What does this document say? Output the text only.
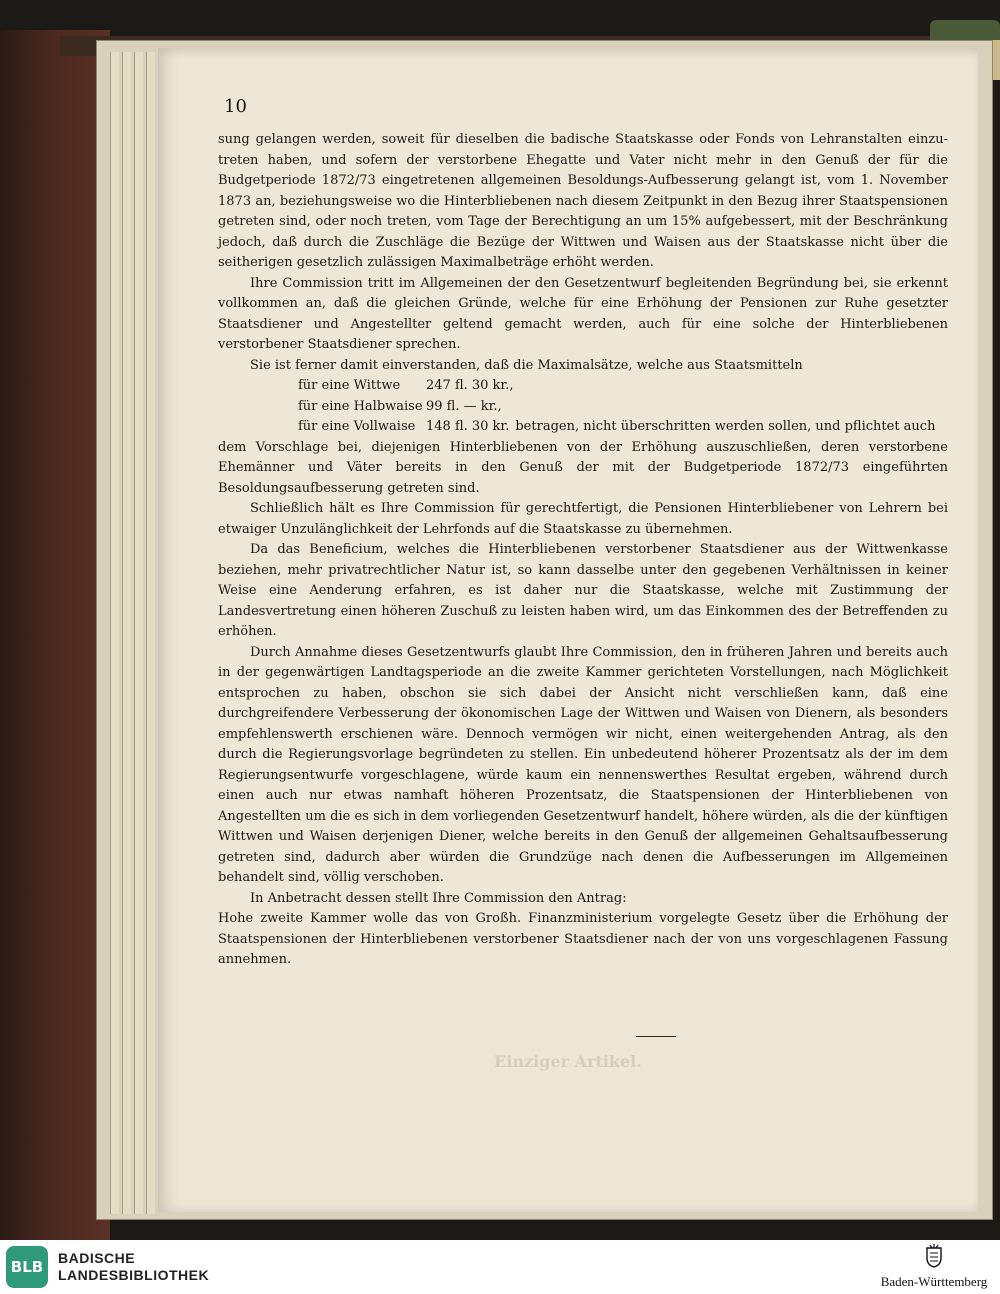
10

sung gelangen werden, soweit für dieselben die badische Staatskasse oder Fonds von Lehranstalten einzutreten haben, und sofern der verstorbene Ehegatte und Vater nicht mehr in den Genuß der für die Budgetperiode 1872/73 eingetretenen allgemeinen Besoldungs-Aufbesserung gelangt ist, vom 1. November 1873 an, beziehungsweise wo die Hinterbliebenen nach diesem Zeitpunkt in den Bezug ihrer Staatspensionen getreten sind, oder noch treten, vom Tage der Berechtigung an um 15% aufgebessert, mit der Beschränkung jedoch, daß durch die Zuschläge die Bezüge der Wittwen und Waisen aus der Staatskasse nicht über die seitherigen gesetzlich zulässigen Maximalbeträge erhöht werden.

Ihre Commission tritt im Allgemeinen der den Gesetzentwurf begleitenden Begründung bei, sie erkennt vollkommen an, daß die gleichen Gründe, welche für eine Erhöhung der Pensionen zur Ruhe gesetzter Staatsdiener und Angestellter geltend gemacht werden, auch für eine solche der Hinterbliebenen verstorbener Staatsdiener sprechen.

Sie ist ferner damit einverstanden, daß die Maximalsätze, welche aus Staatsmitteln

für eine Wittwe	247 fl. 30 kr.,
für eine Halbwaise 99 fl. — kr.,
für eine Vollwaise 148 fl. 30 kr. betragen, nicht überschritten werden sollen, und pflichtet auch

dem Vorschlage bei, diejenigen Hinterbliebenen von der Erhöhung auszuschließen, deren verstorbene Ehemänner und Väter bereits in den Genuß der mit der Budgetperiode 1872/73 eingeführten Besoldungsaufbesserung getreten sind.

Schließlich hält es Ihre Commission für gerechtfertigt, die Pensionen Hinterbliebener von Lehrern bei etwaiger Unzulänglichkeit der Lehrfonds auf die Staatskasse zu übernehmen.

Da das Beneficium, welches die Hinterbliebenen verstorbener Staatsdiener aus der Wittwenkasse beziehen, mehr privatrechtlicher Natur ist, so kann dasselbe unter den gegebenen Verhältnissen in keiner Weise eine Aenderung erfahren, es ist daher nur die Staatskasse, welche mit Zustimmung der Landesvertretung einen höheren Zuschuß zu leisten haben wird, um das Einkommen des der Betreffenden zu erhöhen.

Durch Annahme dieses Gesetzentwurfs glaubt Ihre Commission, den in früheren Jahren und bereits auch in der gegenwärtigen Landtagsperiode an die zweite Kammer gerichteten Vorstellungen, nach Möglichkeit entsprochen zu haben, obschon sie sich dabei der Ansicht nicht verschließen kann, daß eine durchgreifendere Verbesserung der ökonomischen Lage der Wittwen und Waisen von Dienern, als besonders empfehlenswerth erschienen wäre. Dennoch vermögen wir nicht, einen weitergehenden Antrag, als den durch die Regierungsvorlage begründeten zu stellen. Ein unbedeutend höherer Prozentsatz als der im dem Regierungsentwurfe vorgeschlagene, würde kaum ein nennenswerthes Resultat ergeben, während durch einen auch nur etwas namhaft höheren Prozentsatz, die Staatspensionen der Hinterbliebenen von Angestellten um die es sich in dem vorliegenden Gesetzentwurf handelt, höhere würden, als die der künftigen Wittwen und Waisen derjenigen Diener, welche bereits in den Genuß der allgemeinen Gehaltsaufbesserung getreten sind, dadurch aber würden die Grundzüge nach denen die Aufbesserungen im Allgemeinen behandelt sind, völlig verschoben.

In Anbetracht dessen stellt Ihre Commission den Antrag:

Hohe zweite Kammer wolle das von Großh. Finanzministerium vorgelegte Gesetz über die Erhöhung der Staatspensionen der Hinterbliebenen verstorbener Staatsdiener nach der von uns vorgeschlagenen Fassung annehmen.

Einziger Artikel.
BLB	BADISCHE
LANDESBIBLIOTHEK	Baden-Württemberg
